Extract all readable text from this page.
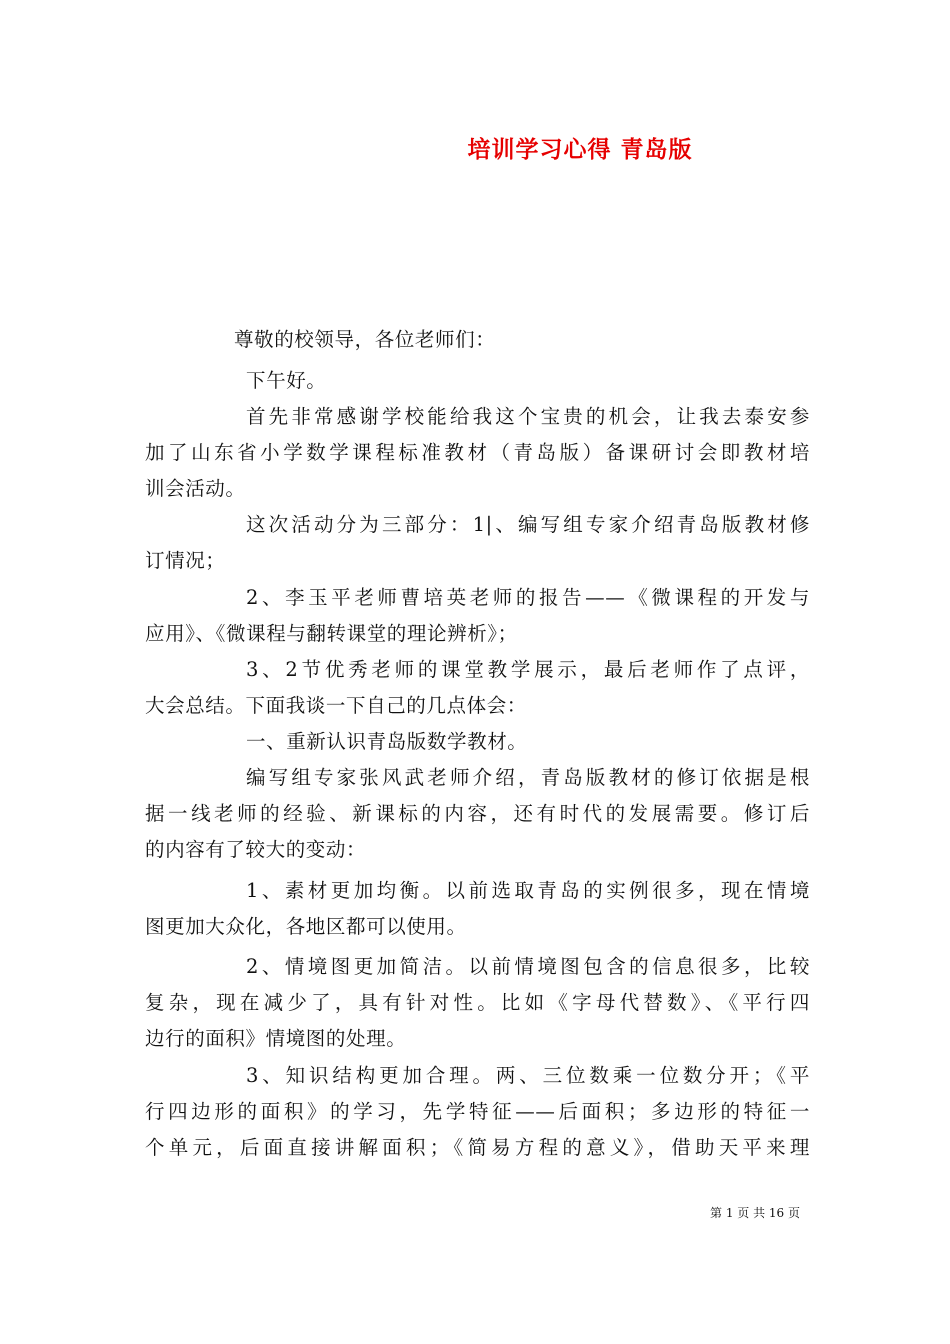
培训学习心得 青岛版
尊敬的校领导，各位老师们：
下午好。
首先非常感谢学校能给我这个宝贵的机会，让我去泰安参
加了山东省小学数学课程标准教材（青岛版）备课研讨会即教材培
训会活动。
这次活动分为三部分：1|、编写组专家介绍青岛版教材修
订情况；
2、李玉平老师曹培英老师的报告——《微课程的开发与
应用》、《微课程与翻转课堂的理论辨析》；
3、2节优秀老师的课堂教学展示，最后老师作了点评，
大会总结。下面我谈一下自己的几点体会：
一、重新认识青岛版数学教材。
编写组专家张风武老师介绍，青岛版教材的修订依据是根
据一线老师的经验、新课标的内容，还有时代的发展需要。修订后
的内容有了较大的变动：
1、素材更加均衡。以前选取青岛的实例很多，现在情境
图更加大众化，各地区都可以使用。
2、情境图更加简洁。以前情境图包含的信息很多，比较
复杂，现在减少了，具有针对性。比如《字母代替数》、《平行四
边行的面积》情境图的处理。
3、知识结构更加合理。两、三位数乘一位数分开；《平
行四边形的面积》的学习，先学特征——后面积；多边形的特征一
个单元，后面直接讲解面积；《简易方程的意义》，借助天平来理
第 1 页 共 16 页
